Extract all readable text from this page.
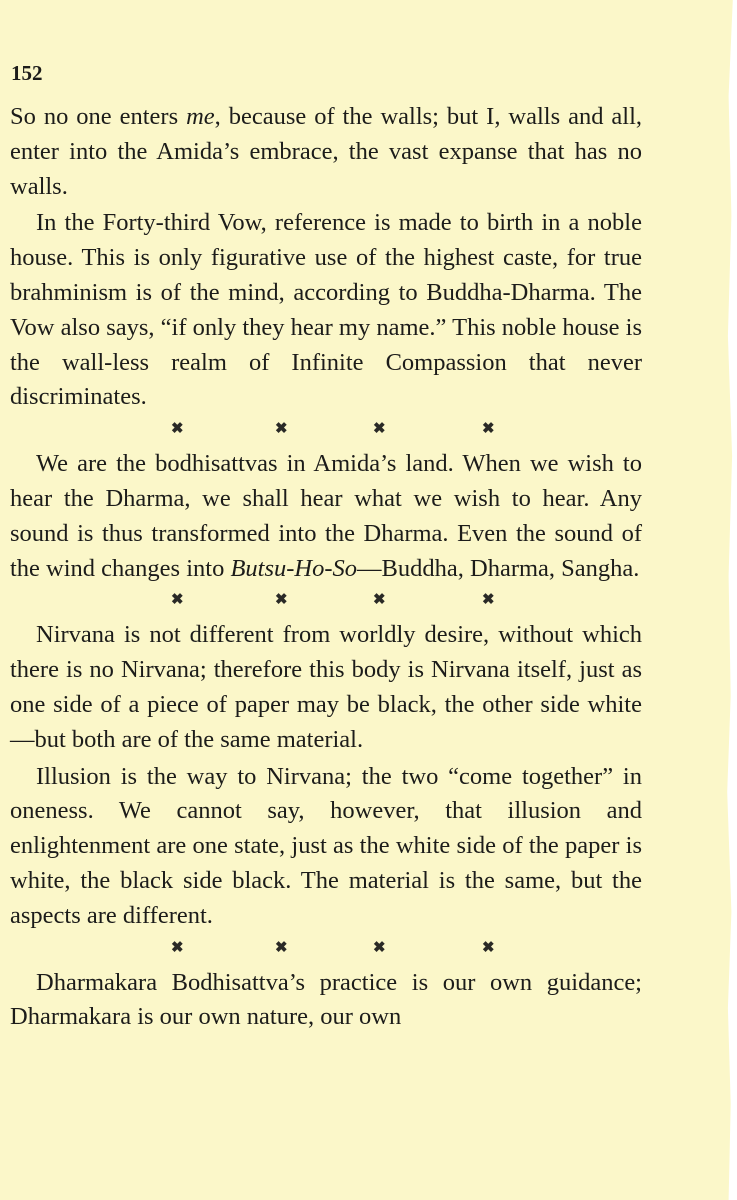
152

So no one enters me, because of the walls; but I, walls and all, enter into the Amida’s embrace, the vast expanse that has no walls.

In the Forty-third Vow, reference is made to birth in a noble house. This is only figurative use of the highest caste, for true brahminism is of the mind, according to Buddha-Dharma. The Vow also says, “if only they hear my name.” This noble house is the wall-less realm of Infinite Compassion that never discriminates.

✖	✖	✖	✖

We are the bodhisattvas in Amida’s land. When we wish to hear the Dharma, we shall hear what we wish to hear. Any sound is thus transformed into the Dharma. Even the sound of the wind changes into Butsu-Ho-So—Buddha, Dharma, Sangha.

✖	✖	✖	✖

Nirvana is not different from worldly desire, without which there is no Nirvana; therefore this body is Nirvana itself, just as one side of a piece of paper may be black, the other side white—but both are of the same material.

Illusion is the way to Nirvana; the two “come together” in oneness. We cannot say, however, that illusion and enlightenment are one state, just as the white side of the paper is white, the black side black. The material is the same, but the aspects are different.

✖	✖	✖	✖

Dharmakara Bodhisattva’s practice is our own guidance; Dharmakara is our own nature, our own
